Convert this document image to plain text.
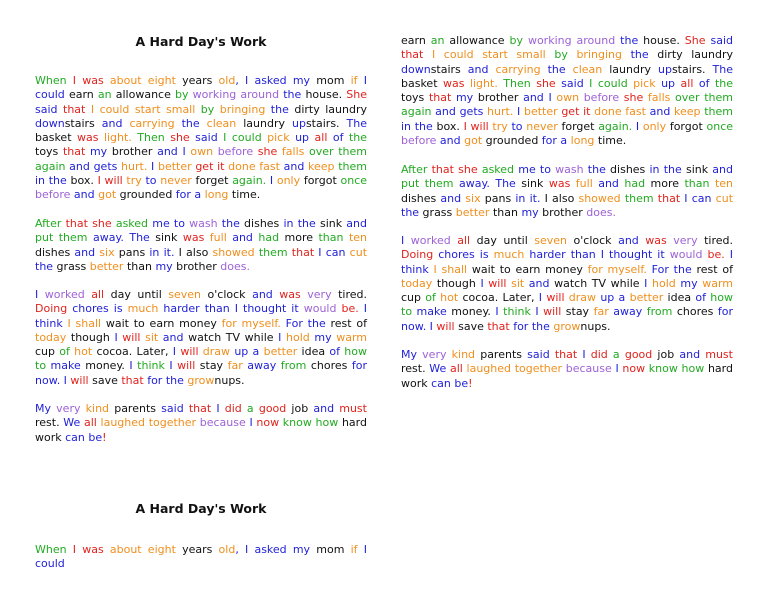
A Hard Day's Work

When I was about eight years old, I asked my mom if I could earn an allowance by working around the house. She said that I could start small by bringing the dirty laundry downstairs and carrying the clean laundry upstairs. The basket was light. Then she said I could pick up all of the toys that my brother and I own before she falls over them again and gets hurt. I better get it done fast and keep them in the box. I will try to never forget again. I only forgot once before and got grounded for a long time.

After that she asked me to wash the dishes in the sink and put them away. The sink was full and had more than ten dishes and six pans in it. I also showed them that I can cut the grass better than my brother does.

I worked all day until seven o'clock and was very tired. Doing chores is much harder than I thought it would be. I think I shall wait to earn money for myself. For the rest of today though I will sit and watch TV while I hold my warm cup of hot cocoa. Later, I will draw up a better idea of how to make money. I think I will stay far away from chores for now. I will save that for the grownups.

My very kind parents said that I did a good job and must rest. We all laughed together because I now know how hard work can be!

A Hard Day's Work

When I was about eight years old, I asked my mom if I could

earn an allowance by working around the house. She said that I could start small by bringing the dirty laundry downstairs and carrying the clean laundry upstairs. The basket was light. Then she said I could pick up all of the toys that my brother and I own before she falls over them again and gets hurt. I better get it done fast and keep them in the box. I will try to never forget again. I only forgot once before and got grounded for a long time.

After that she asked me to wash the dishes in the sink and put them away. The sink was full and had more than ten dishes and six pans in it. I also showed them that I can cut the grass better than my brother does.

I worked all day until seven o'clock and was very tired. Doing chores is much harder than I thought it would be. I think I shall wait to earn money for myself. For the rest of today though I will sit and watch TV while I hold my warm cup of hot cocoa. Later, I will draw up a better idea of how to make money. I think I will stay far away from chores for now. I will save that for the grownups.

My very kind parents said that I did a good job and must rest. We all laughed together because I now know how hard work can be!
